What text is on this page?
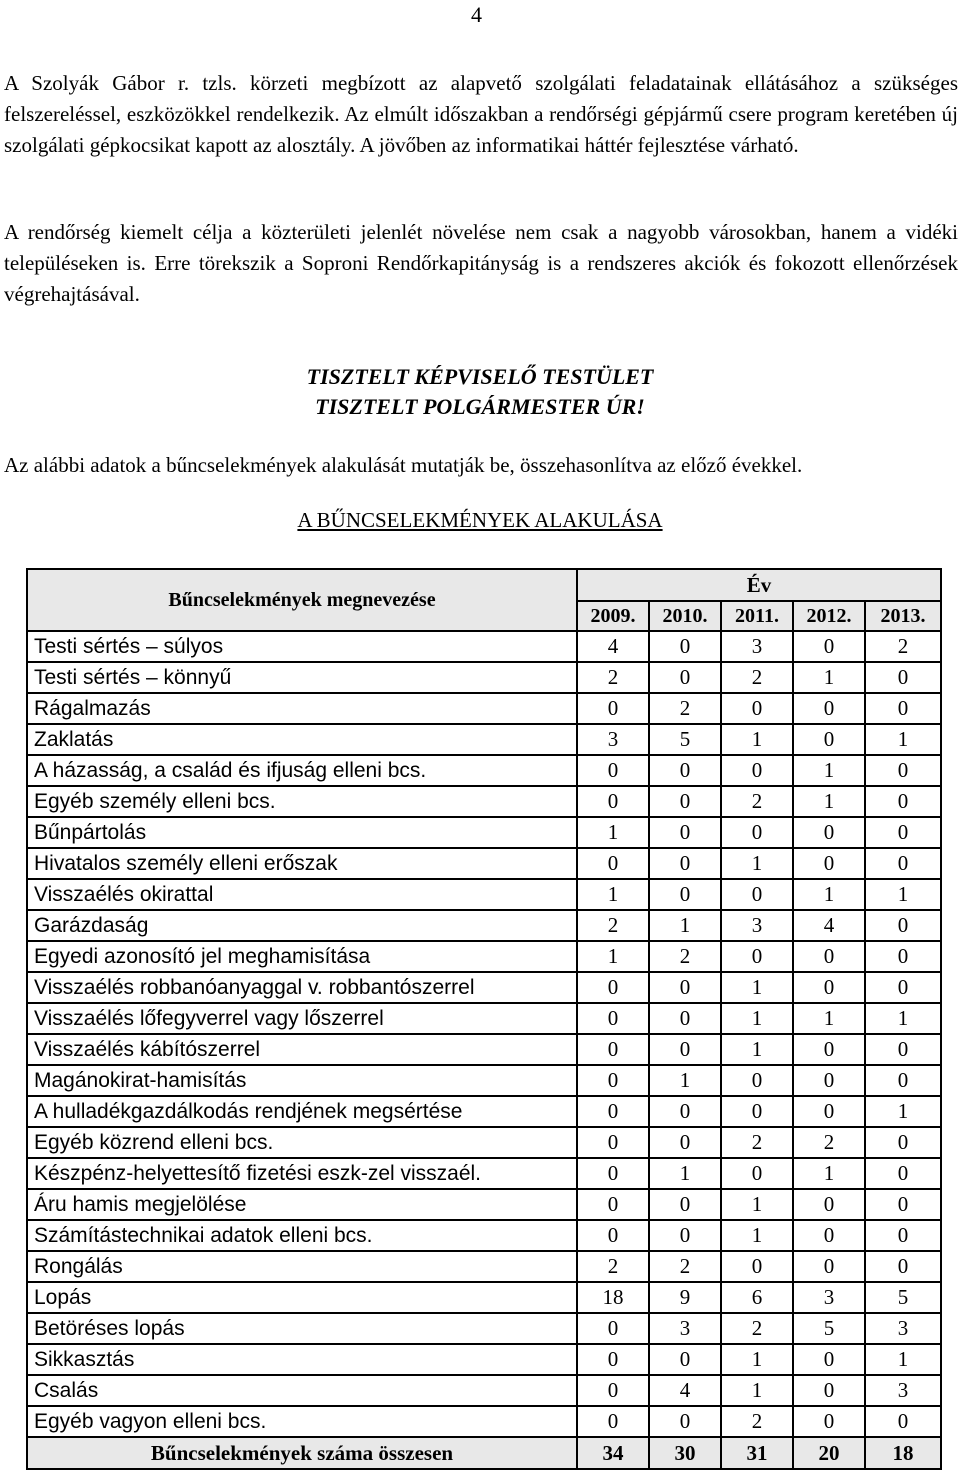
4

A Szolyák Gábor r. tzls. körzeti megbízott az alapvető szolgálati feladatainak ellátásához a szükséges felszereléssel, eszközökkel rendelkezik. Az elmúlt időszakban a rendőrségi gépjármű csere program keretében új szolgálati gépkocsikat kapott az alosztály. A jövőben az informatikai háttér fejlesztése várható.

A rendőrség kiemelt célja a közterületi jelenlét növelése nem csak a nagyobb városokban, hanem a vidéki településeken is. Erre törekszik a Soproni Rendőrkapitányság is a rendszeres akciók és fokozott ellenőrzések végrehajtásával.

TISZTELT KÉPVISELŐ TESTÜLET
TISZTELT POLGÁRMESTER ÚR!

Az alábbi adatok a bűncselekmények alakulását mutatják be, összehasonlítva az előző évekkel.

A BŰNCSELEKMÉNYEK ALAKULÁSA
Bűncselekmények megnevezése	Év				
	2009.	2010.	2011.	2012.	2013.
Testi sértés – súlyos	4	0	3	0	2
Testi sértés – könnyű	2	0	2	1	0
Rágalmazás	0	2	0	0	0
Zaklatás	3	5	1	0	1
A házasság, a család és ifjuság elleni bcs.	0	0	0	1	0
Egyéb személy elleni bcs.	0	0	2	1	0
Bűnpártolás	1	0	0	0	0
Hivatalos személy elleni erőszak	0	0	1	0	0
Visszaélés okirattal	1	0	0	1	1
Garázdaság	2	1	3	4	0
Egyedi azonosító jel meghamisítása	1	2	0	0	0
Visszaélés robbanóanyaggal v. robbantószerrel	0	0	1	0	0
Visszaélés lőfegyverrel vagy lőszerrel	0	0	1	1	1
Visszaélés kábítószerrel	0	0	1	0	0
Magánokirat-hamisítás	0	1	0	0	0
A hulladékgazdálkodás rendjének megsértése	0	0	0	0	1
Egyéb közrend elleni bcs.	0	0	2	2	0
Készpénz-helyettesítő fizetési eszk-zel visszaél.	0	1	0	1	0
Áru hamis megjelölése	0	0	1	0	0
Számítástechnikai adatok elleni bcs.	0	0	1	0	0
Rongálás	2	2	0	0	0
Lopás	18	9	6	3	5
Betöréses lopás	0	3	2	5	3
Sikkasztás	0	0	1	0	1
Csalás	0	4	1	0	3
Egyéb vagyon elleni bcs.	0	0	2	0	0
Bűncselekmények száma összesen	34	30	31	20	18
